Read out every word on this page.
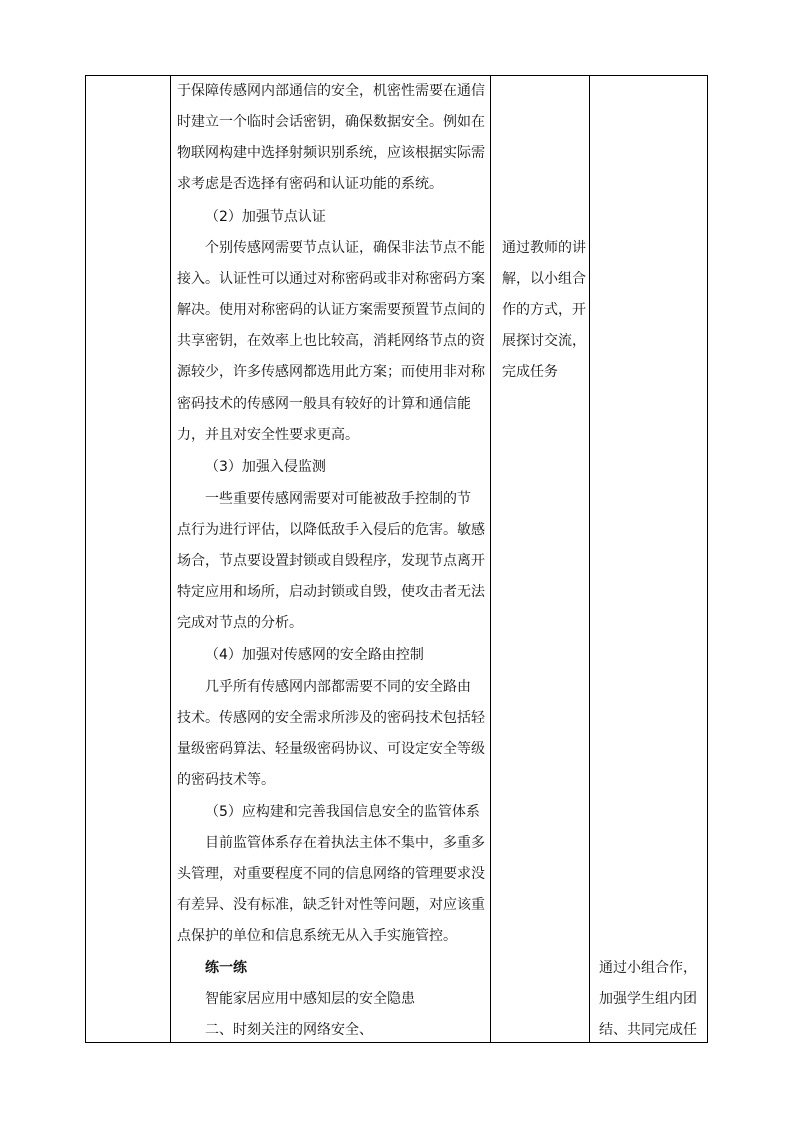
于保障传感网内部通信的安全，机密性需要在通信
时建立一个临时会话密钥，确保数据安全。例如在
物联网构建中选择射频识别系统，应该根据实际需
求考虑是否选择有密码和认证功能的系统。
（2）加强节点认证
个别传感网需要节点认证，确保非法节点不能
接入。认证性可以通过对称密码或非对称密码方案
解决。使用对称密码的认证方案需要预置节点间的
共享密钥，在效率上也比较高，消耗网络节点的资
源较少，许多传感网都选用此方案；而使用非对称
密码技术的传感网一般具有较好的计算和通信能
力，并且对安全性要求更高。
（3）加强入侵监测
一些重要传感网需要对可能被敌手控制的节
点行为进行评估，以降低敌手入侵后的危害。敏感
场合，节点要设置封锁或自毁程序，发现节点离开
特定应用和场所，启动封锁或自毁，使攻击者无法
完成对节点的分析。
（4）加强对传感网的安全路由控制
几乎所有传感网内部都需要不同的安全路由
技术。传感网的安全需求所涉及的密码技术包括轻
量级密码算法、轻量级密码协议、可设定安全等级
的密码技术等。
（5）应构建和完善我国信息安全的监管体系
目前监管体系存在着执法主体不集中，多重多
头管理，对重要程度不同的信息网络的管理要求没
有差异、没有标准，缺乏针对性等问题，对应该重
点保护的单位和信息系统无从入手实施管控。
练一练
智能家居应用中感知层的安全隐患
二、时刻关注的网络安全、
通过教师的讲
解，以小组合
作的方式，开
展探讨交流，
完成任务
通过小组合作，
加强学生组内团
结、共同完成任
